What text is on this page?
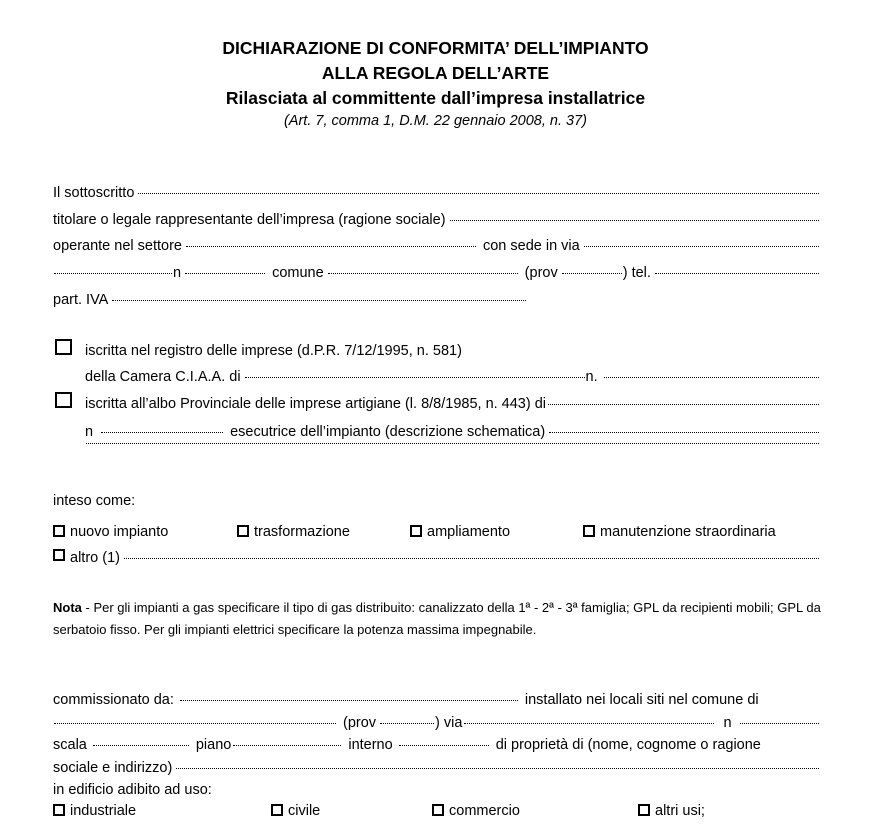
DICHIARAZIONE DI CONFORMITA’ DELL’IMPIANTO
ALLA REGOLA DELL’ARTE
Rilasciata al committente dall’impresa installatrice
(Art. 7, comma 1, D.M. 22 gennaio 2008, n. 37)
Il sottoscritto
titolare o legale rappresentante dell’impresa (ragione sociale)
operante nel settore	con sede in via
n	comune	(prov	) tel.
part. IVA
iscritta nel registro delle imprese (d.P.R. 7/12/1995, n. 581)
della Camera C.I.A.A. di	n.
iscritta all’albo Provinciale delle imprese artigiane (l. 8/8/1985, n. 443) di
n	esecutrice dell’impianto (descrizione schematica)
inteso come:
nuovo impianto	trasformazione	ampliamento	manutenzione straordinaria
altro (1)
Nota - Per gli impianti a gas specificare il tipo di gas distribuito: canalizzato della 1ª - 2ª - 3ª famiglia; GPL da recipienti mobili; GPL da serbatoio fisso. Per gli impianti elettrici specificare la potenza massima impegnabile.
commissionato da:	installato nei locali siti nel comune di
(prov	) via	n
scala	piano	interno	di proprietà di (nome, cognome o ragione
sociale e indirizzo)
in edificio adibito ad uso:
industriale	civile	commercio	altri usi;
